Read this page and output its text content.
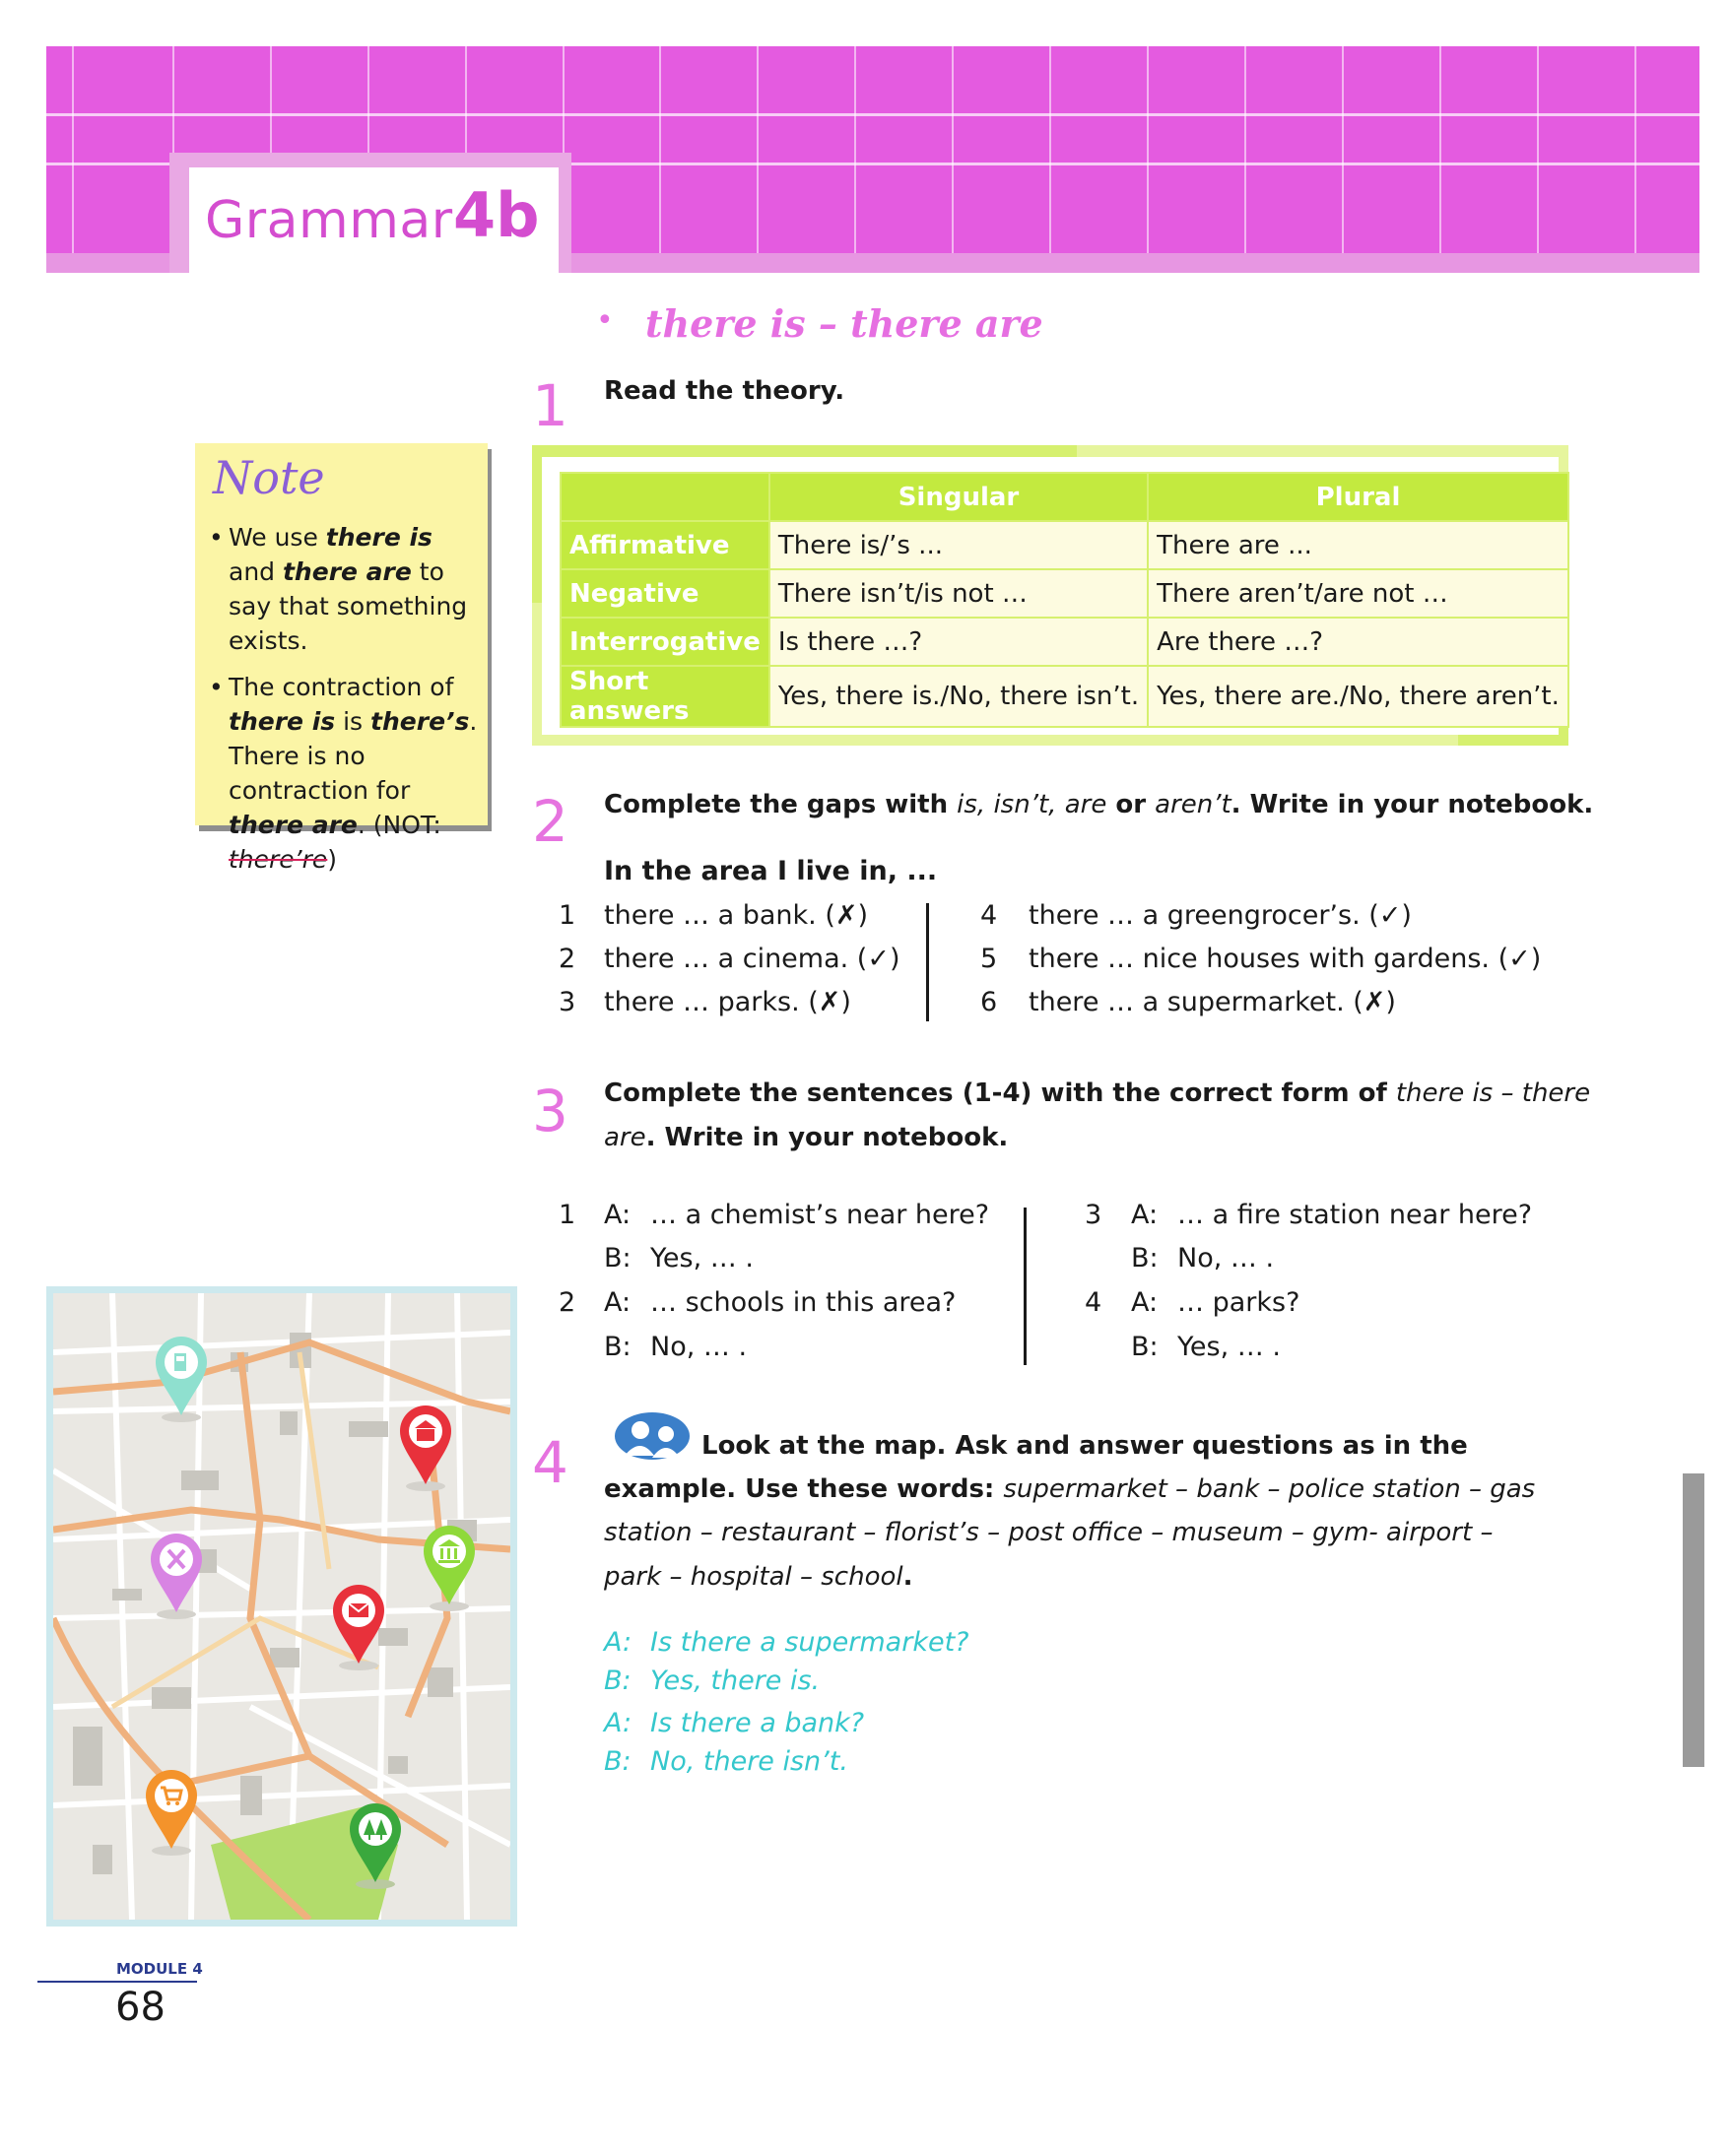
Grammar 4b
• there is – there are
1 Read the theory.
Note
• We use there is and there are to say that something exists.
• The contraction of there is is there’s. There is no contraction for there are. (NOT: there’re)
	Singular	Plural
Affirmative	There is/’s ...	There are ...
Negative	There isn’t/is not …	There aren’t/are not …
Interrogative	Is there …?	Are there …?
Short answers	Yes, there is./No, there isn’t.	Yes, there are./No, there aren’t.
2 Complete the gaps with is, isn’t, are or aren’t. Write in your notebook.
In the area I live in, ...
1 there … a bank. (✗)
2 there … a cinema. (✓)
3 there … parks. (✗)
4 there … a greengrocer’s. (✓)
5 there … nice houses with gardens. (✓)
6 there … a supermarket. (✗)
3 Complete the sentences (1-4) with the correct form of there is – there
are. Write in your notebook.
1 A: … a chemist’s near here?
B: Yes, … .
2 A: … schools in this area?
B: No, … .
3 A: … a fire station near here?
B: No, … .
4 A: … parks?
B: Yes, … .
4	Look at the map. Ask and answer questions as in the
example. Use these words: supermarket – bank – police station – gas
station – restaurant – florist’s – post office – museum – gym- airport –
park – hospital – school.
A: Is there a supermarket?
B: Yes, there is.
A: Is there a bank?
B: No, there isn’t.
MODULE 4
68
